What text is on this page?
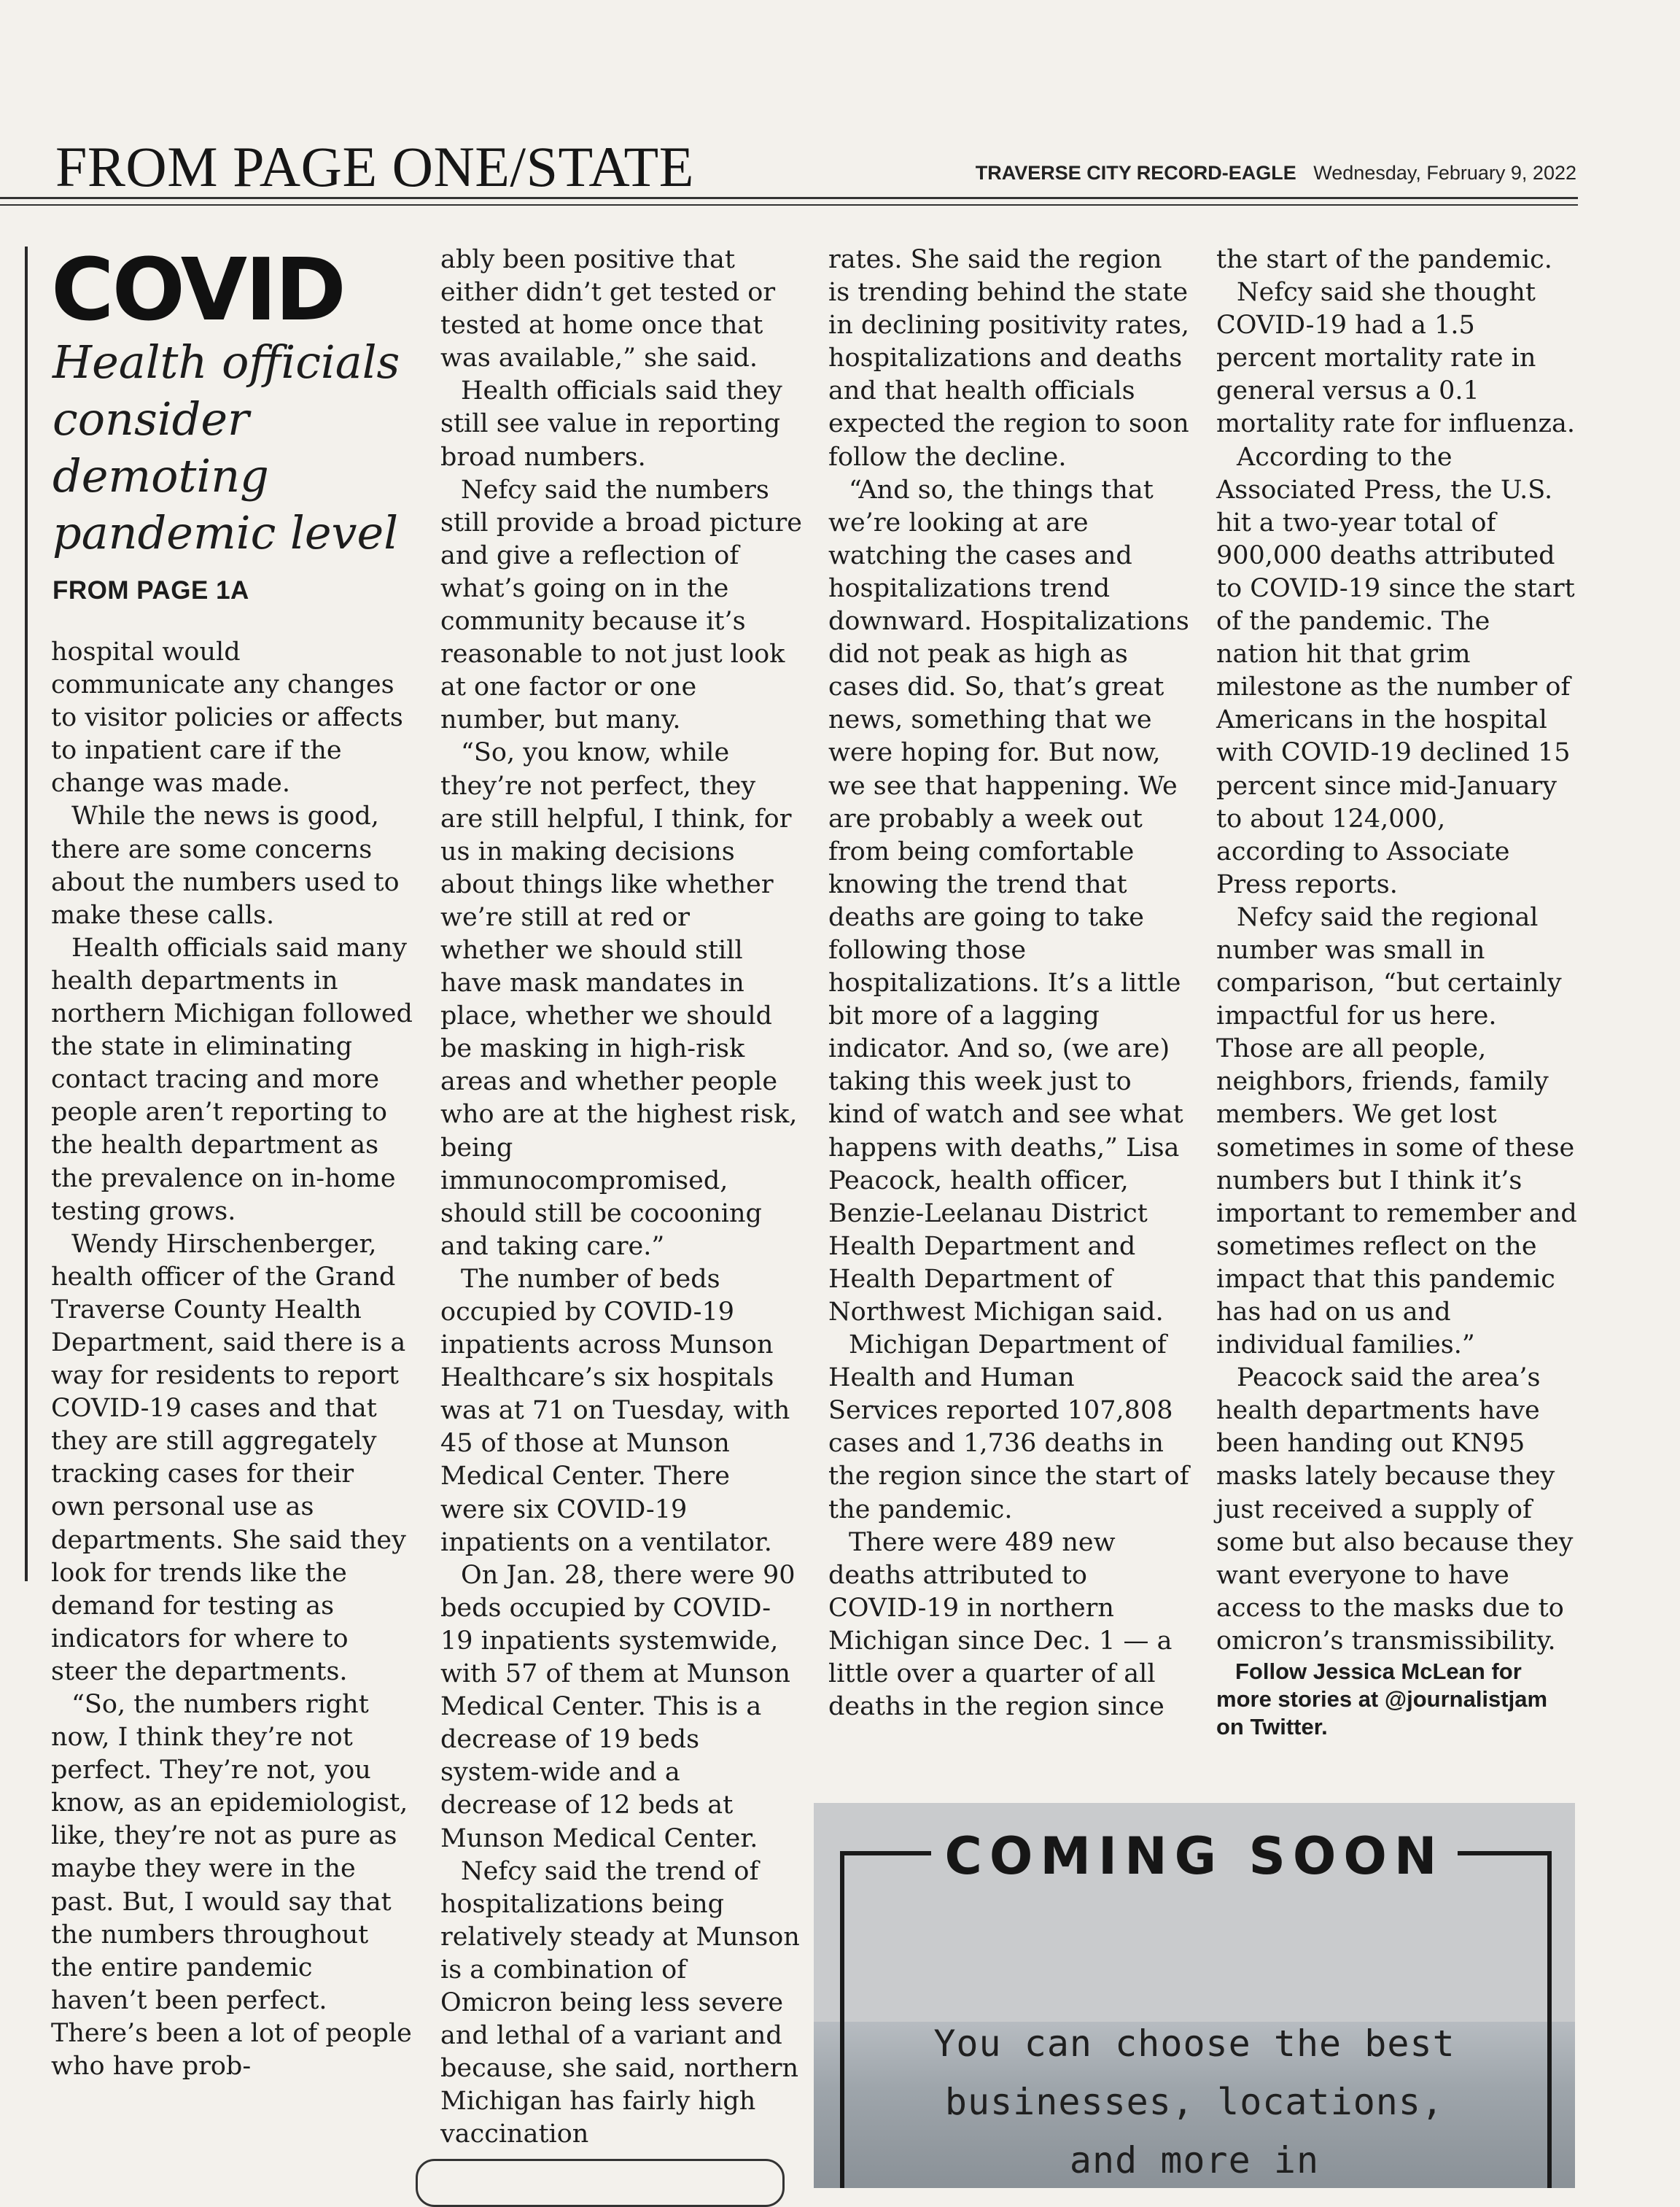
FROM PAGE ONE/STATE	TRAVERSE CITY RECORD-EAGLE Wednesday, February 9, 2022
COVID
Health officials consider demoting pandemic level
FROM PAGE 1A

hospital would communicate any changes to visitor policies or affects to inpatient care if the change was made.

While the news is good, there are some concerns about the numbers used to make these calls.

Health officials said many health departments in northern Michigan followed the state in eliminating contact tracing and more people aren’t reporting to the health department as the prevalence on in-home testing grows.

Wendy Hirschenberger, health officer of the Grand Traverse County Health Department, said there is a way for residents to report COVID-19 cases and that they are still aggregately tracking cases for their own personal use as departments. She said they look for trends like the demand for testing as indicators for where to steer the departments.

“So, the numbers right now, I think they’re not perfect. They’re not, you know, as an epidemiologist, like, they’re not as pure as maybe they were in the past. But, I would say that the numbers throughout the entire pandemic haven’t been perfect. There’s been a lot of people who have prob-

ably been positive that either didn’t get tested or tested at home once that was available,” she said.

Health officials said they still see value in reporting broad numbers.

Nefcy said the numbers still provide a broad picture and give a reflection of what’s going on in the community because it’s reasonable to not just look at one factor or one number, but many.

“So, you know, while they’re not perfect, they are still helpful, I think, for us in making decisions about things like whether we’re still at red or whether we should still have mask mandates in place, whether we should be masking in high-risk areas and whether people who are at the highest risk, being immunocompromised, should still be cocooning and taking care.”

The number of beds occupied by COVID-19 inpatients across Munson Healthcare’s six hospitals was at 71 on Tuesday, with 45 of those at Munson Medical Center. There were six COVID-19 inpatients on a ventilator.

On Jan. 28, there were 90 beds occupied by COVID-19 inpatients systemwide, with 57 of them at Munson Medical Center. This is a decrease of 19 beds system-wide and a decrease of 12 beds at Munson Medical Center.

Nefcy said the trend of hospitalizations being relatively steady at Munson is a combination of Omicron being less severe and lethal of a variant and because, she said, northern Michigan has fairly high vaccination

rates. She said the region is trending behind the state in declining positivity rates, hospitalizations and deaths and that health officials expected the region to soon follow the decline.

“And so, the things that we’re looking at are watching the cases and hospitalizations trend downward. Hospitalizations did not peak as high as cases did. So, that’s great news, something that we were hoping for. But now, we see that happening. We are probably a week out from being comfortable knowing the trend that deaths are going to take following those hospitalizations. It’s a little bit more of a lagging indicator. And so, (we are) taking this week just to kind of watch and see what happens with deaths,” Lisa Peacock, health officer, Benzie-Leelanau District Health Department and Health Department of Northwest Michigan said.

Michigan Department of Health and Human Services reported 107,808 cases and 1,736 deaths in the region since the start of the pandemic.

There were 489 new deaths attributed to COVID-19 in northern Michigan since Dec. 1 — a little over a quarter of all deaths in the region since

the start of the pandemic.

Nefcy said she thought COVID-19 had a 1.5 percent mortality rate in general versus a 0.1 mortality rate for influenza.

According to the Associated Press, the U.S. hit a two-year total of 900,000 deaths attributed to COVID-19 since the start of the pandemic. The nation hit that grim milestone as the number of Americans in the hospital with COVID-19 declined 15 percent since mid-January to about 124,000, according to Associate Press reports.

Nefcy said the regional number was small in comparison, “but certainly impactful for us here. Those are all people, neighbors, friends, family members. We get lost sometimes in some of these numbers but I think it’s important to remember and sometimes reflect on the impact that this pandemic has had on us and individual families.”

Peacock said the area’s health departments have been handing out KN95 masks lately because they just received a supply of some but also because they want everyone to have access to the masks due to omicron’s transmissibility.

Follow Jessica McLean for more stories at @journalistjam on Twitter.

COMING SOON
You can choose the best
businesses, locations,
and more in
